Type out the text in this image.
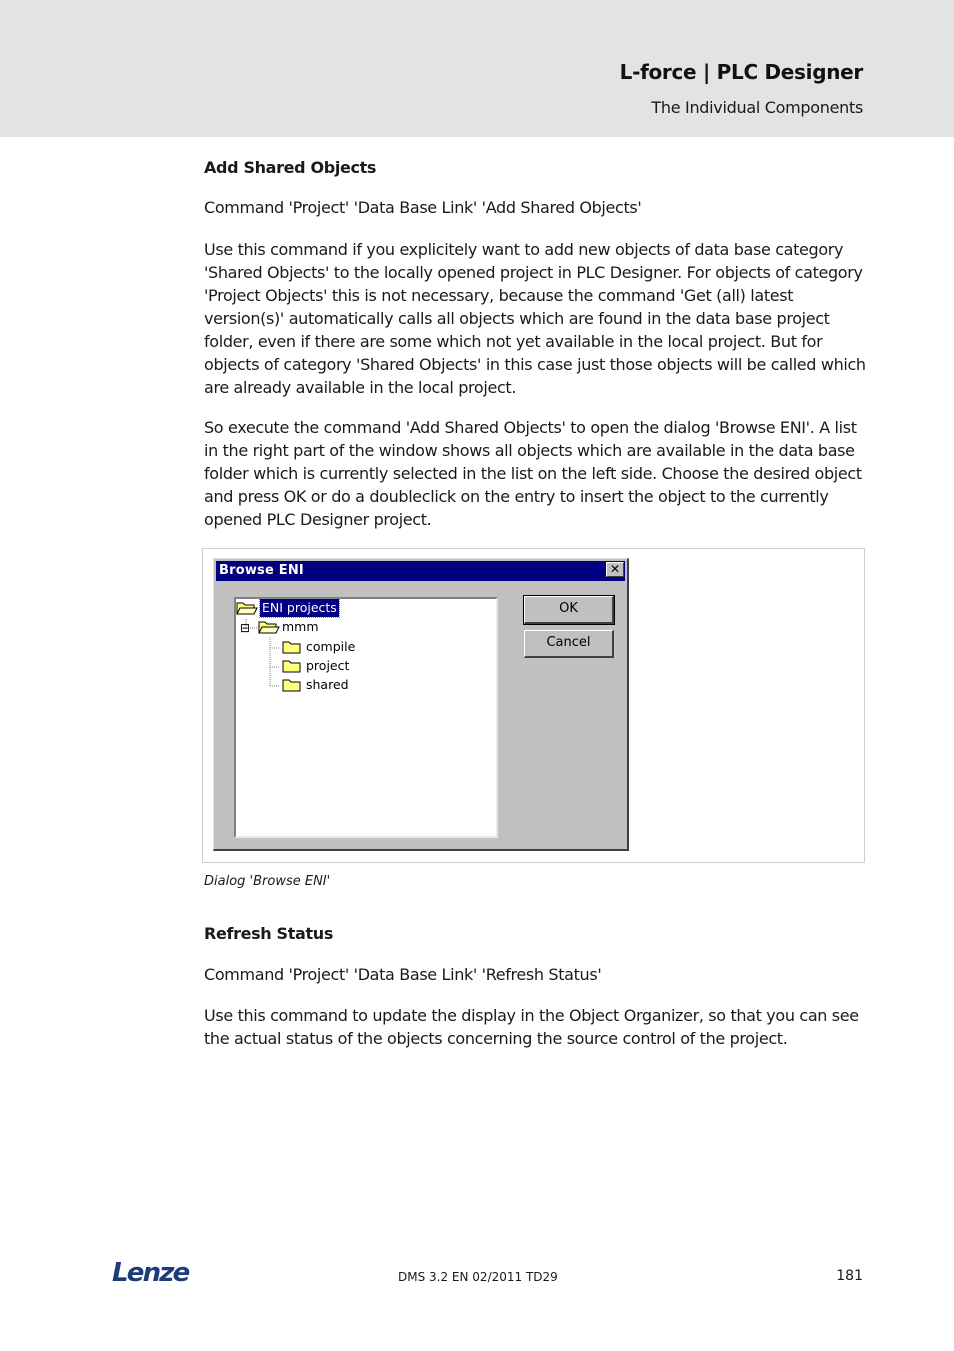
L-force | PLC Designer
The Individual Components

Add Shared Objects

Command 'Project' 'Data Base Link' 'Add Shared Objects'

Use this command if you explicitely want to add new objects of data base category 'Shared Objects' to the locally opened project in PLC Designer. For objects of category 'Project Objects' this is not necessary, because the command 'Get (all) latest version(s)' automatically calls all objects which are found in the data base project folder, even if there are some which not yet available in the local project. But for objects of category 'Shared Objects' in this case just those objects will be called which are already available in the local project.

So execute the command 'Add Shared Objects' to open the dialog 'Browse ENI'. A list in the right part of the window shows all objects which are available in the data base folder which is currently selected in the list on the left side. Choose the desired object and press OK or do a doubleclick on the entry to insert the object to the currently opened PLC Designer project.

Browse ENI	✕
ENI projects
⊟	mmm
compile
project
shared
OK
Cancel
Dialog 'Browse ENI'

Refresh Status

Command 'Project' 'Data Base Link' 'Refresh Status'

Use this command to update the display in the Object Organizer, so that you can see the actual status of the objects concerning the source control of the project.

Lenze	DMS 3.2 EN 02/2011 TD29	181
